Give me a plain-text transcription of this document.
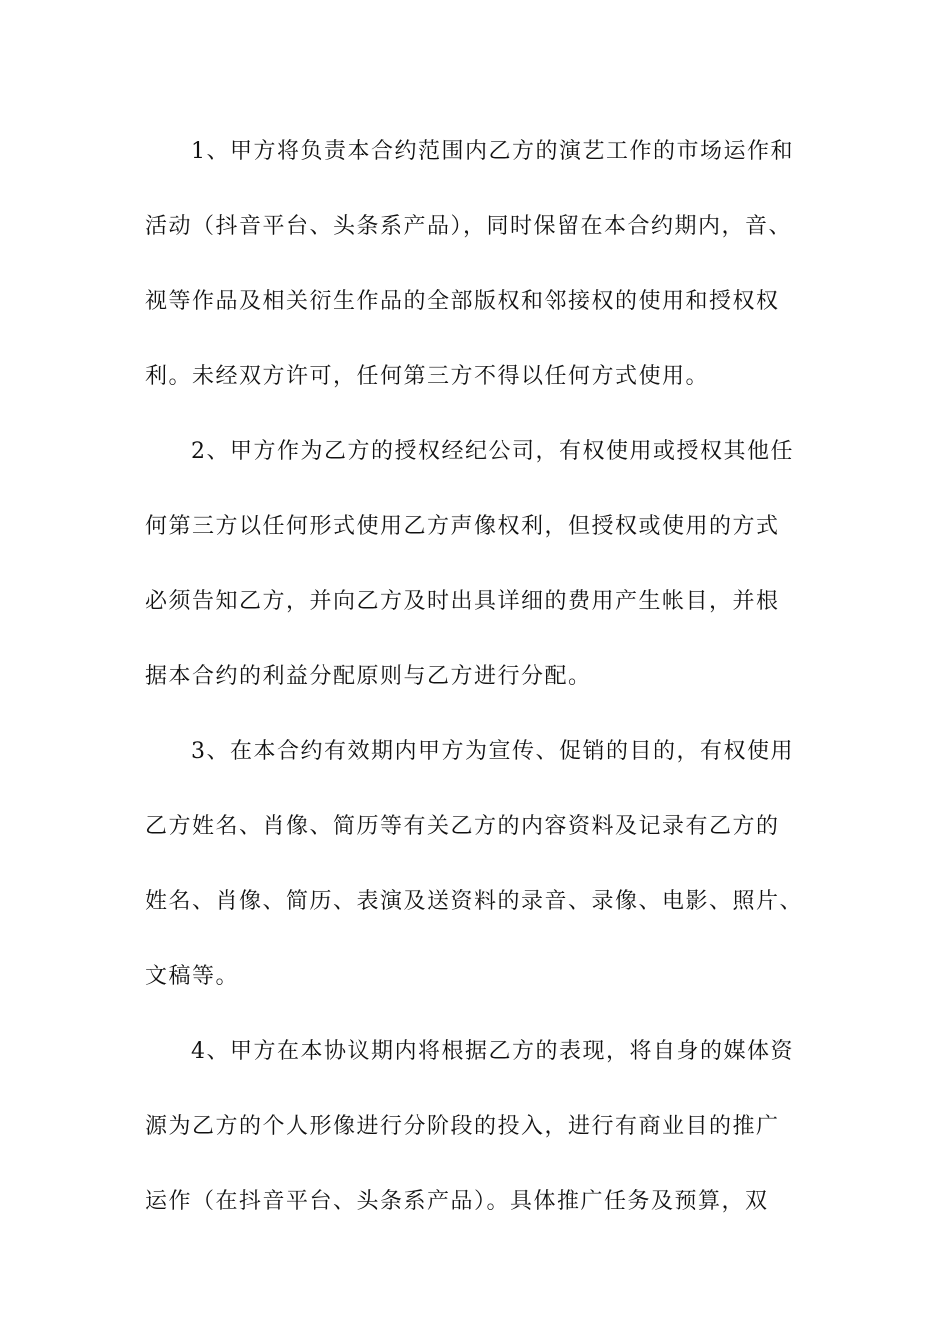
1、甲方将负责本合约范围内乙方的演艺工作的市场运作和
活动（抖音平台、头条系产品），同时保留在本合约期内，音、
视等作品及相关衍生作品的全部版权和邻接权的使用和授权权
利。未经双方许可，任何第三方不得以任何方式使用。
2、甲方作为乙方的授权经纪公司，有权使用或授权其他任
何第三方以任何形式使用乙方声像权利，但授权或使用的方式
必须告知乙方，并向乙方及时出具详细的费用产生帐目，并根
据本合约的利益分配原则与乙方进行分配。
3、在本合约有效期内甲方为宣传、促销的目的，有权使用
乙方姓名、肖像、简历等有关乙方的内容资料及记录有乙方的
姓名、肖像、简历、表演及送资料的录音、录像、电影、照片、
文稿等。
4、甲方在本协议期内将根据乙方的表现，将自身的媒体资
源为乙方的个人形像进行分阶段的投入，进行有商业目的推广
运作（在抖音平台、头条系产品）。具体推广任务及预算，双
